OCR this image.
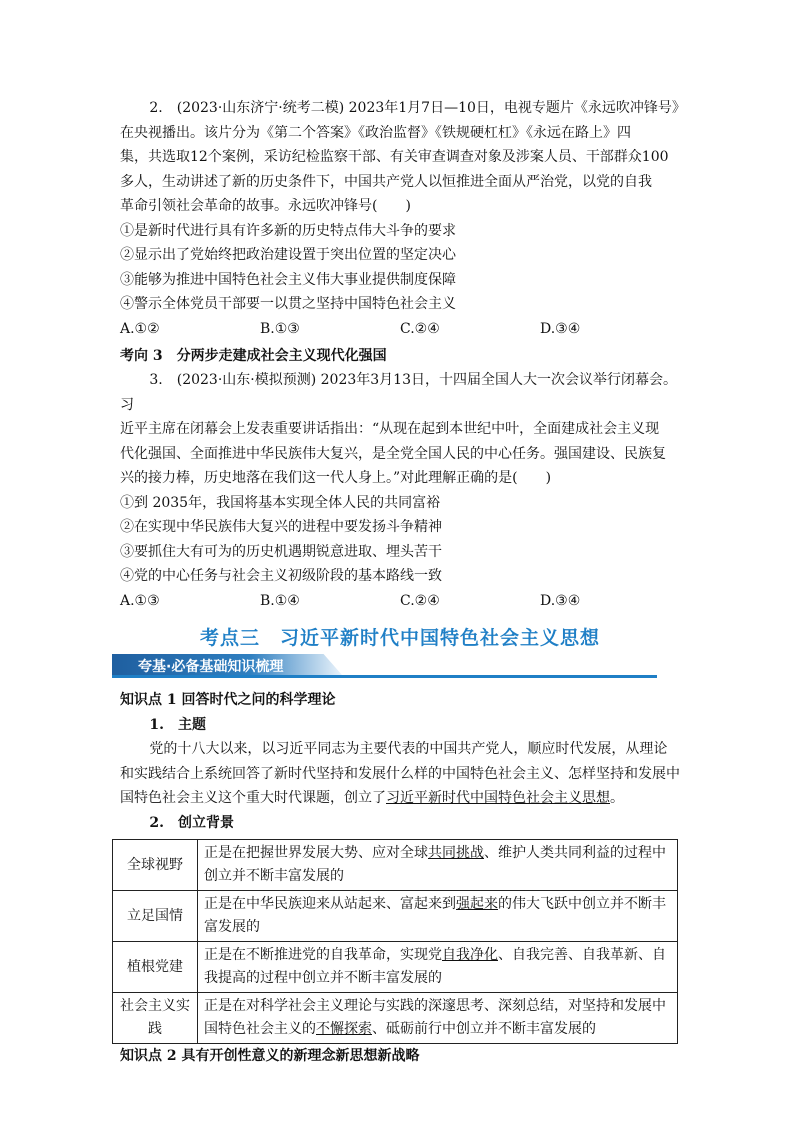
2.　(2023·山东济宁·统考二模) 2023年1月7日—10日，电视专题片《永远吹冲锋号》

在央视播出。该片分为《第二个答案》《政治监督》《铁规硬杠杠》《永远在路上》四

集，共选取12个案例，采访纪检监察干部、有关审查调查对象及涉案人员、干部群众100

多人，生动讲述了新的历史条件下，中国共产党人以恒推进全面从严治党，以党的自我

革命引领社会革命的故事。永远吹冲锋号(　　)

①是新时代进行具有许多新的历史特点伟大斗争的要求

②显示出了党始终把政治建设置于突出位置的坚定决心

③能够为推进中国特色社会主义伟大事业提供制度保障

④警示全体党员干部要一以贯之坚持中国特色社会主义

A.①②	B.①③	C.②④	D.③④

考向 3　分两步走建成社会主义现代化强国

3.　(2023·山东·模拟预测) 2023年3月13日，十四届全国人大一次会议举行闭幕会。习

近平主席在闭幕会上发表重要讲话指出：“从现在起到本世纪中叶，全面建成社会主义现

代化强国、全面推进中华民族伟大复兴，是全党全国人民的中心任务。强国建设、民族复

兴的接力棒，历史地落在我们这一代人身上。”对此理解正确的是(　　)

①到 2035年，我国将基本实现全体人民的共同富裕

②在实现中华民族伟大复兴的进程中要发扬斗争精神

③要抓住大有可为的历史机遇期锐意进取、埋头苦干

④党的中心任务与社会主义初级阶段的基本路线一致

A.①③	B.①④	C.②④	D.③④
考点三　习近平新时代中国特色社会主义思想
夸基·必备基础知识梳理

知识点 1 回答时代之问的科学理论

1.　主题

党的十八大以来，以习近平同志为主要代表的中国共产党人，顺应时代发展，从理论和实践结合上系统回答了新时代坚持和发展什么样的中国特色社会主义、怎样坚持和发展中国特色社会主义这个重大时代课题，创立了习近平新时代中国特色社会主义思想。

2.　创立背景

全球视野	正是在把握世界发展大势、应对全球共同挑战、维护人类共同利益的过程中创立并不断丰富发展的
立足国情	正是在中华民族迎来从站起来、富起来到强起来的伟大飞跃中创立并不断丰富发展的
植根党建	正是在不断推进党的自我革命，实现党自我净化、自我完善、自我革新、自我提高的过程中创立并不断丰富发展的
社会主义实践	正是在对科学社会主义理论与实践的深邃思考、深刻总结，对坚持和发展中国特色社会主义的不懈探索、砥砺前行中创立并不断丰富发展的

知识点 2 具有开创性意义的新理念新思想新战略
